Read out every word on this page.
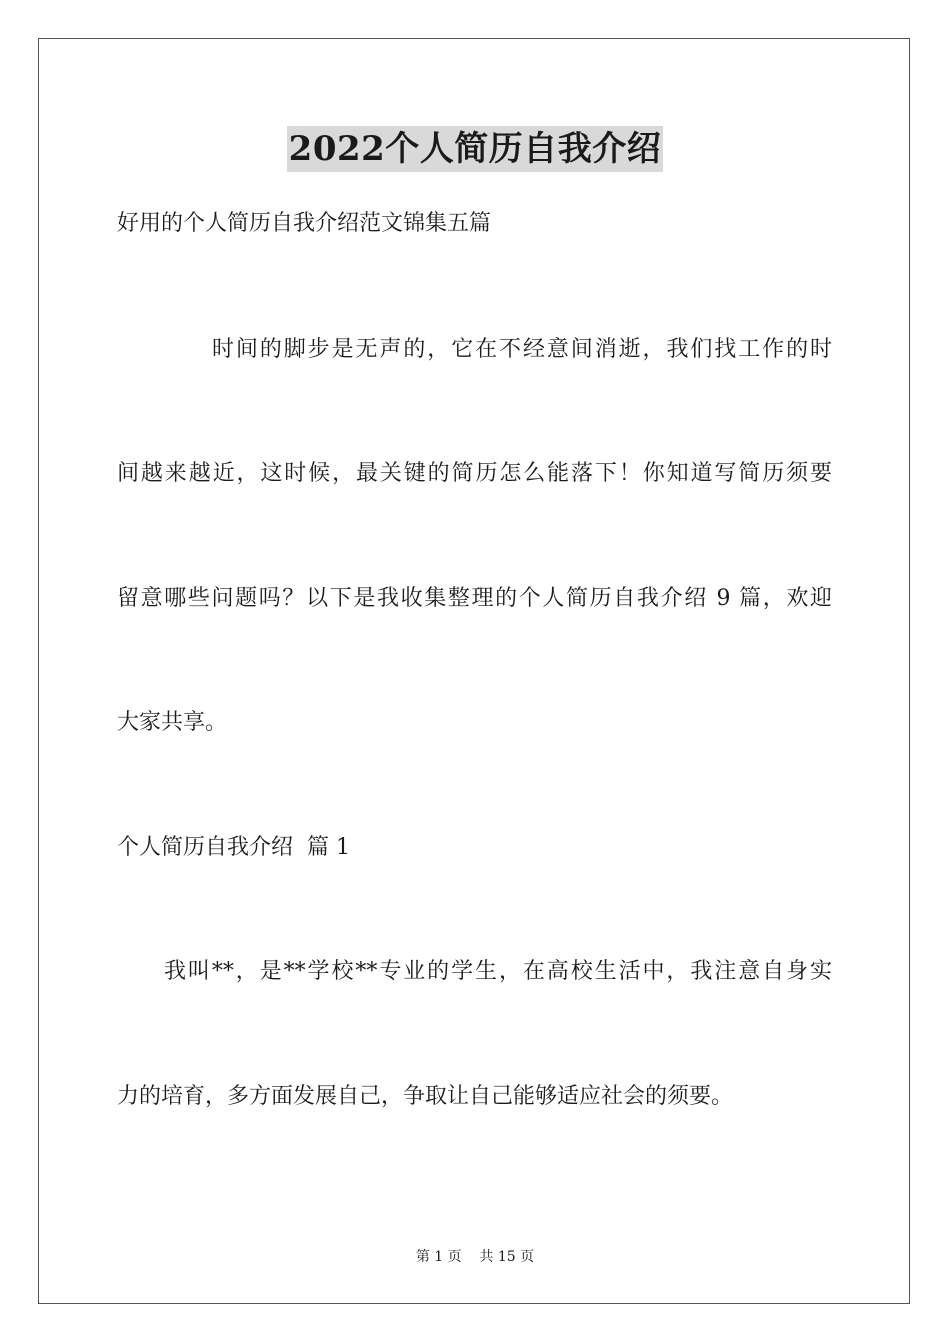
2022个人简历自我介绍
好用的个人简历自我介绍范文锦集五篇
时间的脚步是无声的，它在不经意间消逝，我们找工作的时
间越来越近，这时候，最关键的简历怎么能落下！你知道写简历须要
留意哪些问题吗？以下是我收集整理的个人简历自我介绍 9 篇，欢迎
大家共享。
个人简历自我介绍  篇 1
我叫**，是**学校**专业的学生，在高校生活中，我注意自身实
力的培育，多方面发展自己，争取让自己能够适应社会的须要。
第 1 页    共 15 页
